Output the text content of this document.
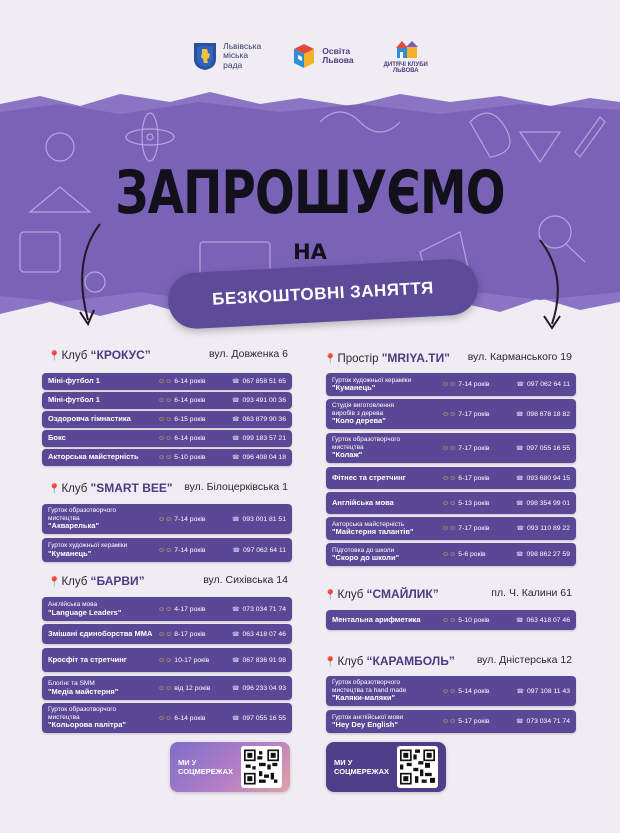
Львівська
міська
рада
Освіта
Львова	ДИТЯЧІ КЛУБИ
ЛЬВОВА
ЗАПРОШУЄМО
НА
БЕЗКОШТОВНІ ЗАНЯТТЯ
📍Клуб “КРОКУС”	вул. Довженка 6
Міні-футбол 1	☺☺ 6-14 років	☎ 067 858 51 65
Міні-футбол 1	☺☺ 6-14 років	☎ 093 491 00 36
Оздоровча гімнастика	☺☺ 6-15 років	☎ 063 879 90 36
Бокс	☺☺ 6-14 років	☎ 099 183 57 21
Акторська майстерність	☺☺ 5-10 років	☎ 096 408 04 18
📍Клуб "SMART BEE" вул. Білоцерківська 1
Гурток образотворчого
мистецтва
"Акварелька"
☺☺ 7-14 років	☎ 093 001 81 51
Гурток художньої кераміки
"Куманець"	☺☺ 7-14 років	☎ 097 062 64 11
📍Клуб “БАРВИ”	вул. Сихівська 14
Англійська мова
"Language Leaders"	☺☺ 4-17 років	☎ 073 034 71 74
Змішані єдиноборства ММА ☺☺ 8-17 років	☎ 063 418 07 46
Кросфіт та стретчинг	☺☺ 10-17 років	☎ 067 836 91 98
Блогінг та SMM
"Медіа майстерня"	☺☺ від 12 років	☎ 096 233 04 93
Гурток образотворчого
мистецтва
"Кольорова палітра"
☺☺ 6-14 років	☎ 097 055 16 55
МИ У СОЦМЕРЕЖАХ
📍Простір "MRIYA.ТИ" вул. Карманського 19
Гурток художньої кераміки
"Куманець"	☺☺ 7-14 років	☎ 097 062 64 11
Студія виготовлення
виробів з дерева
"Коло дерева"
☺☺ 7-17 років	☎ 098 678 18 82
Гурток образотворчого
мистецтва
"Колаж"
☺☺ 7-17 років	☎ 097 055 16 55
Фітнес та стретчинг	☺☺ 6-17 років	☎ 093 680 94 15
Англійська мова	☺☺ 5-13 років	☎ 098 354 99 01
Акторська майстерність
"Майстерня талантів"	☺☺ 7-17 років	☎ 093 110 89 22
Підготовка до школи
"Скоро до школи"	☺☺ 5-6 років	☎ 098 862 27 59
📍Клуб “СМАЙЛИК”	пл. Ч. Калини 61
Ментальна арифметика	☺☺ 5-10 років	☎ 063 418 07 46
📍Клуб “КАРАМБОЛЬ” вул. Дністерська 12
Гурток образотворчого
мистецтва та hand made
"Каляки-маляки"
☺☺ 5-14 років	☎ 097 108 11 43
Гурток англійської мови
"Hey Dey English"	☺☺ 5-17 років	☎ 073 034 71 74
МИ У СОЦМЕРЕЖАХ
